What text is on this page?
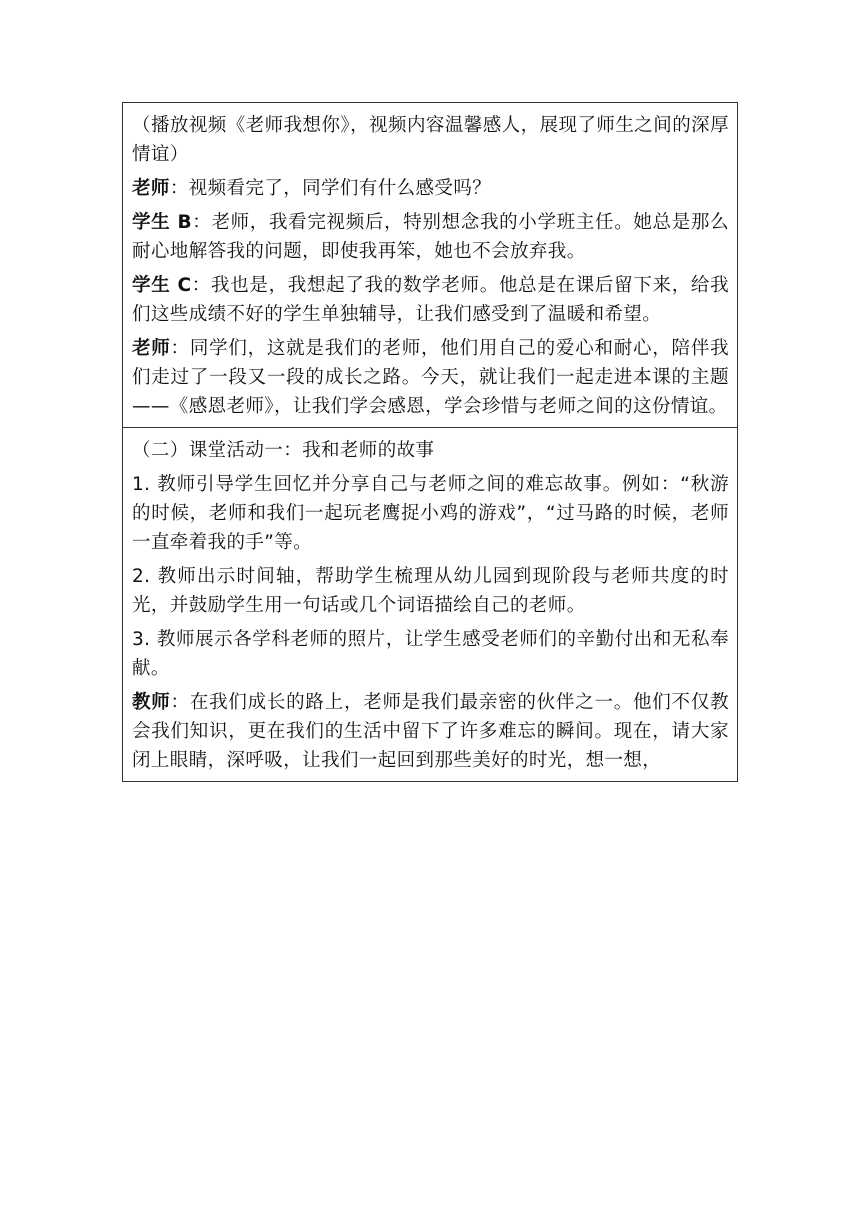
（播放视频《老师我想你》，视频内容温馨感人，展现了师生之间的深厚情谊）

老师：视频看完了，同学们有什么感受吗？

学生 B：老师，我看完视频后，特别想念我的小学班主任。她总是那么耐心地解答我的问题，即使我再笨，她也不会放弃我。

学生 C：我也是，我想起了我的数学老师。他总是在课后留下来，给我们这些成绩不好的学生单独辅导，让我们感受到了温暖和希望。

老师：同学们，这就是我们的老师，他们用自己的爱心和耐心，陪伴我们走过了一段又一段的成长之路。今天，就让我们一起走进本课的主题——《感恩老师》，让我们学会感恩，学会珍惜与老师之间的这份情谊。

（二）课堂活动一：我和老师的故事

1. 教师引导学生回忆并分享自己与老师之间的难忘故事。例如：“秋游的时候，老师和我们一起玩老鹰捉小鸡的游戏”，“过马路的时候，老师一直牵着我的手”等。

2. 教师出示时间轴，帮助学生梳理从幼儿园到现阶段与老师共度的时光，并鼓励学生用一句话或几个词语描绘自己的老师。

3. 教师展示各学科老师的照片，让学生感受老师们的辛勤付出和无私奉献。

教师：在我们成长的路上，老师是我们最亲密的伙伴之一。他们不仅教会我们知识，更在我们的生活中留下了许多难忘的瞬间。现在，请大家闭上眼睛，深呼吸，让我们一起回到那些美好的时光，想一想，
